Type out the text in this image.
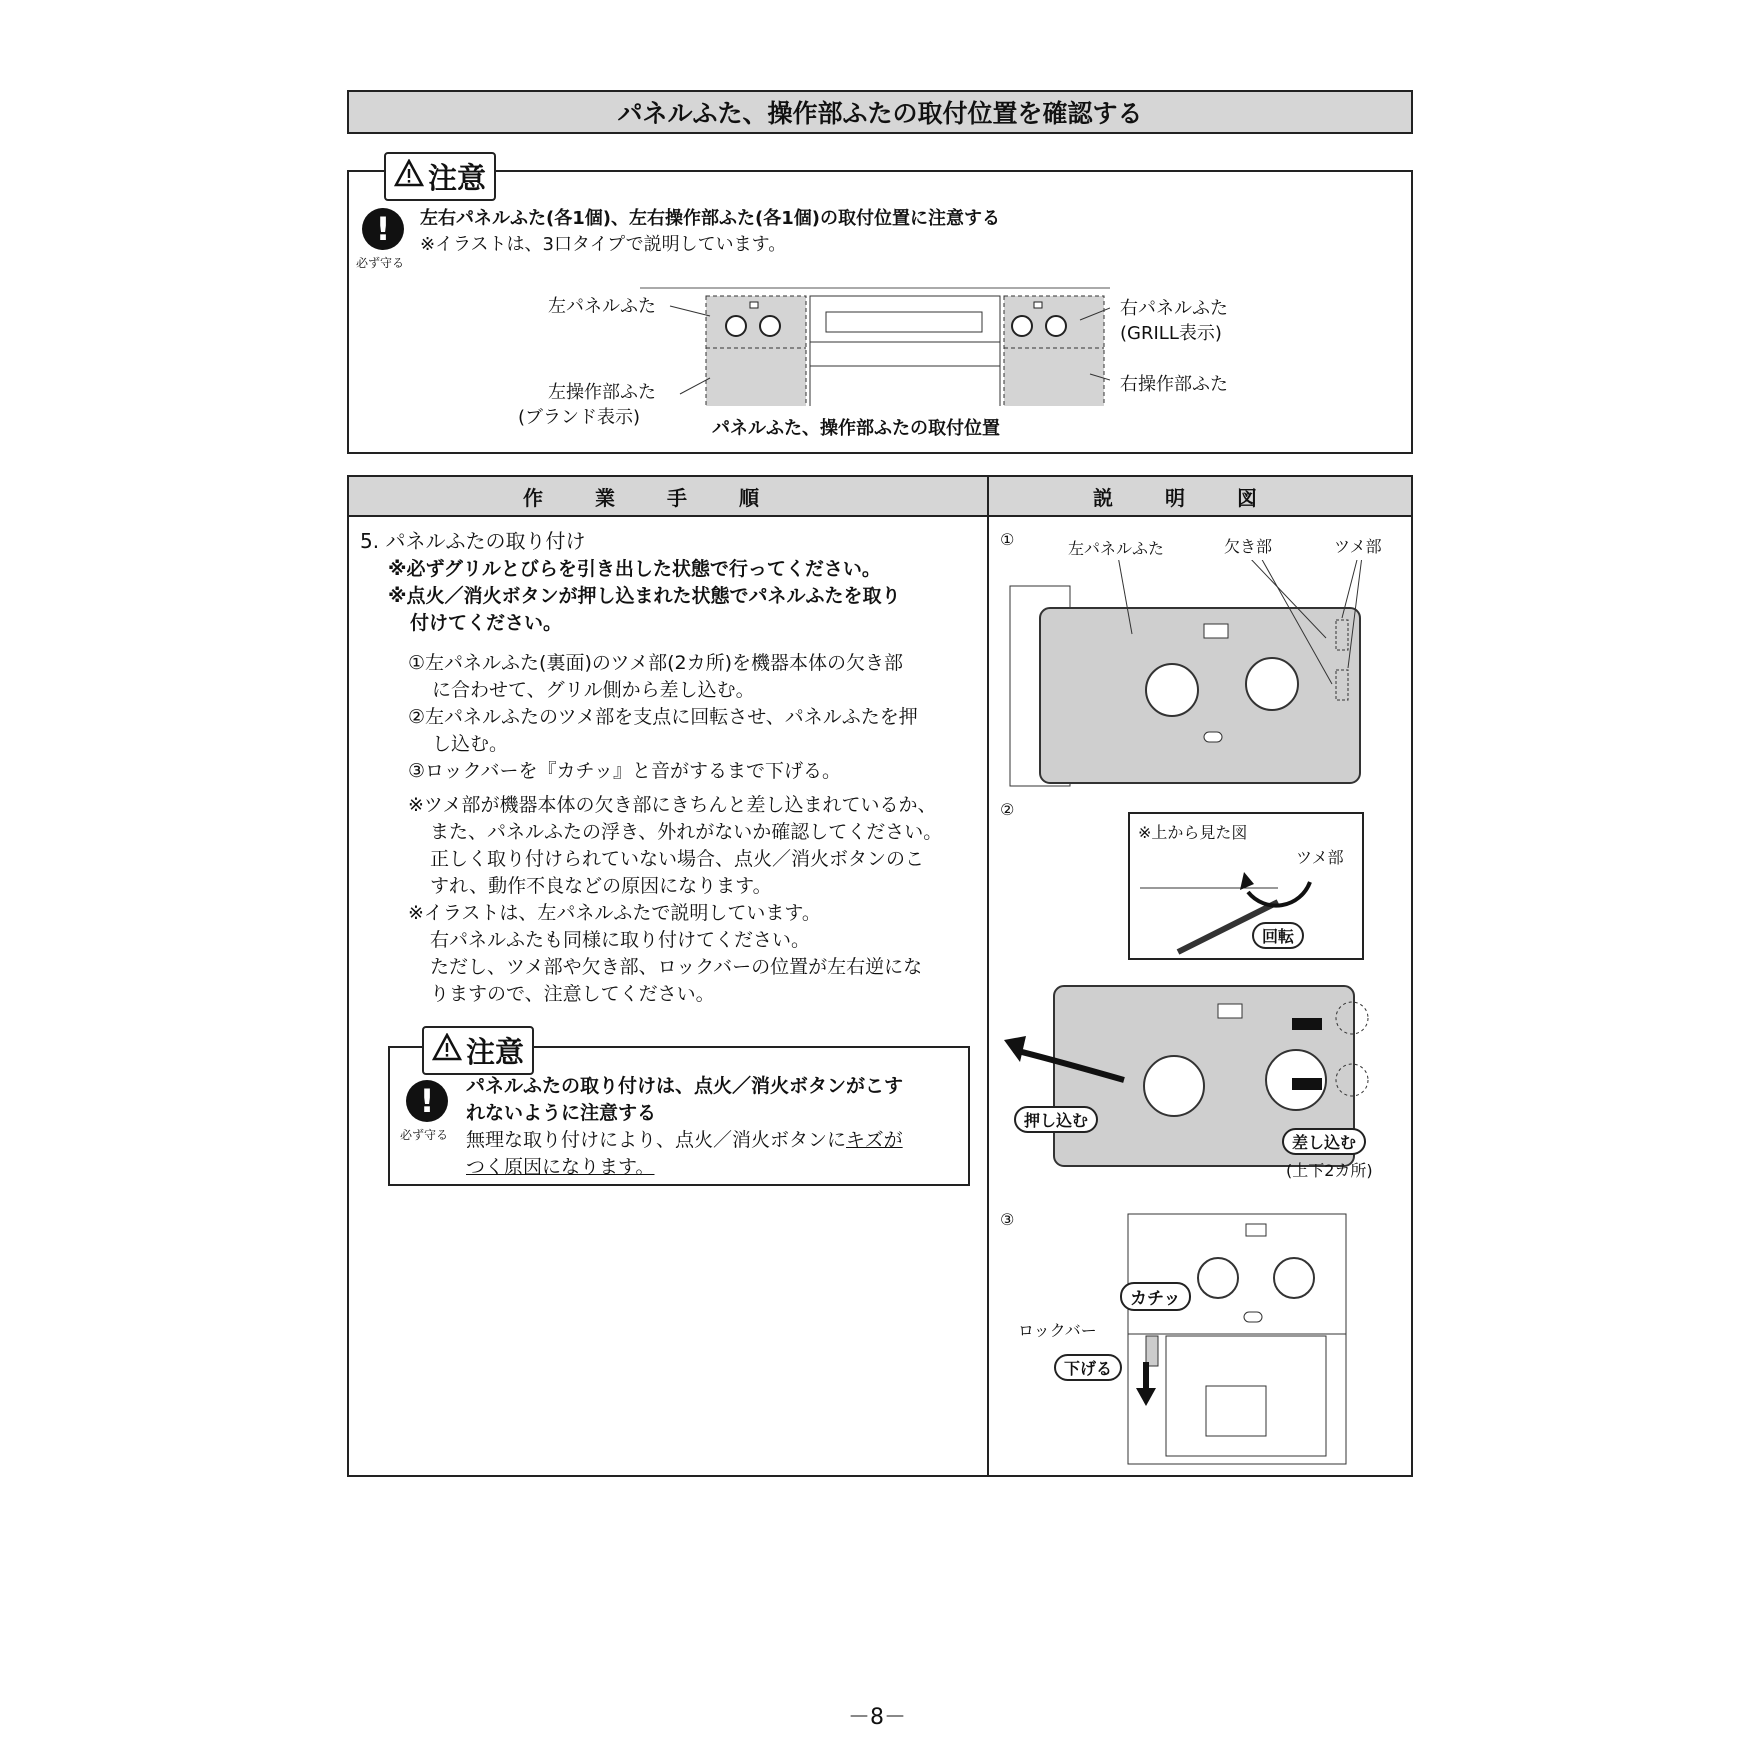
パネルふた、操作部ふたの取付位置を確認する
注意
!
必ず守る
左右パネルふた(各1個)、左右操作部ふた(各1個)の取付位置に注意する
※イラストは、3口タイプで説明しています。
左パネルふた	右パネルふた
(GRILL表示)
左操作部ふた
(ブランド表示)
右操作部ふた
パネルふた、操作部ふたの取付位置
作業手順	説明図
5. パネルふたの取り付け
※必ずグリルとびらを引き出した状態で行ってください。
※点火／消火ボタンが押し込まれた状態でパネルふたを取り
付けてください。
①左パネルふた(裏面)のツメ部(2カ所)を機器本体の欠き部
に合わせて、グリル側から差し込む。
②左パネルふたのツメ部を支点に回転させ、パネルふたを押
し込む。
③ロックバーを『カチッ』と音がするまで下げる。
※ツメ部が機器本体の欠き部にきちんと差し込まれているか、
また、パネルふたの浮き、外れがないか確認してください。
正しく取り付けられていない場合、点火／消火ボタンのこ
すれ、動作不良などの原因になります。
※イラストは、左パネルふたで説明しています。
右パネルふたも同様に取り付けてください。
ただし、ツメ部や欠き部、ロックバーの位置が左右逆にな
りますので、注意してください。
注意
!
必ず守る
パネルふたの取り付けは、点火／消火ボタンがこす
れないように注意する
無理な取り付けにより、点火／消火ボタンにキズが
つく原因になります。
①	左パネルふた	欠き部	ツメ部
②
※上から見た図
ツメ部
回転
押し込む
差し込む
(上下2カ所)
③
カチッ
ロックバー
下げる
－8－
